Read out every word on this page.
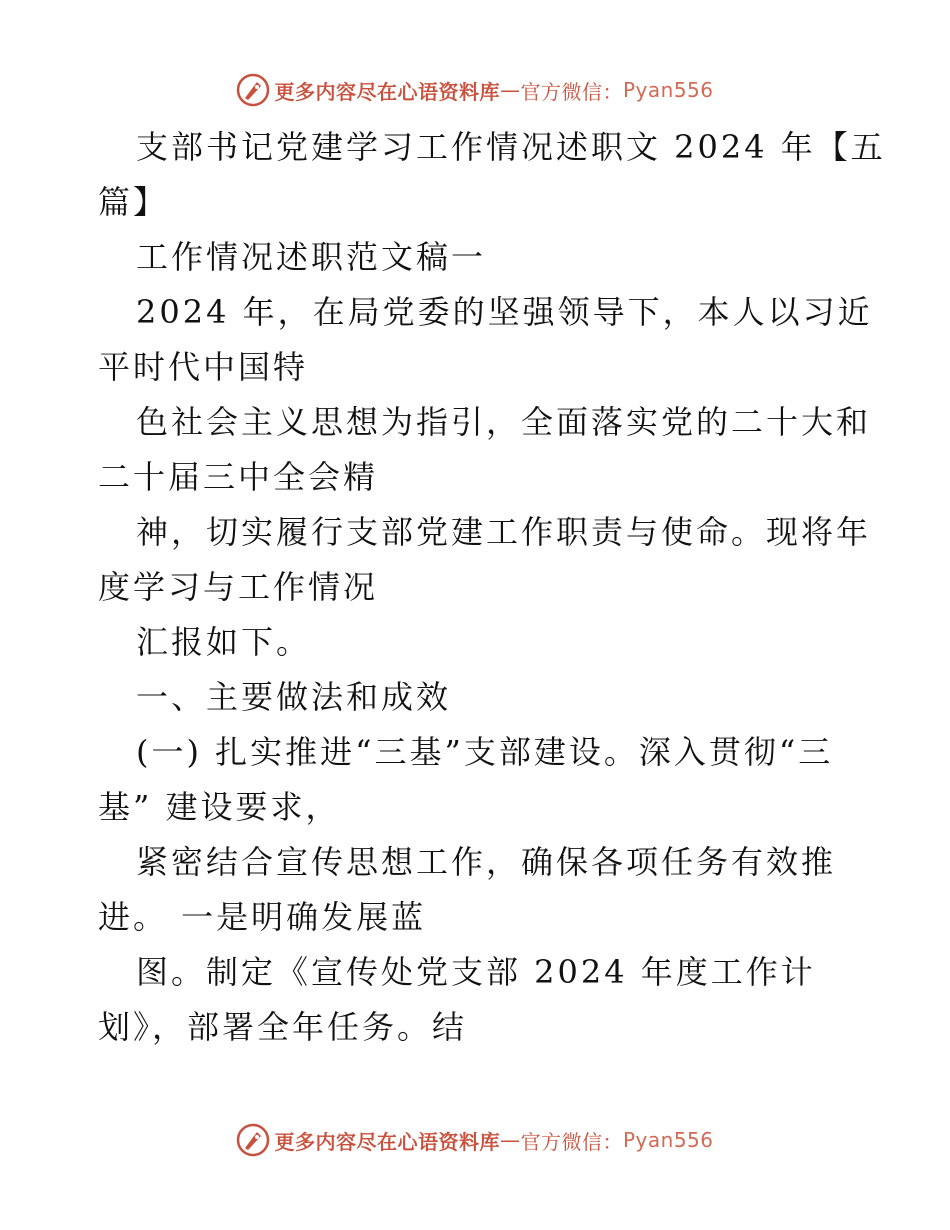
更多内容尽在心语资料库 — 官方微信： Pyan556
支部书记党建学习工作情况述职文 2024 年【五
篇】
工作情况述职范文稿一
2024 年，在局党委的坚强领导下，本人以习近
平时代中国特
色社会主义思想为指引，全面落实党的二十大和
二十届三中全会精
神，切实履行支部党建工作职责与使命。现将年
度学习与工作情况
汇报如下。
一、主要做法和成效
(一) 扎实推进“三基”支部建设。深入贯彻“三
基” 建设要求，
紧密结合宣传思想工作，确保各项任务有效推
进。 一是明确发展蓝
图。制定《宣传处党支部 2024 年度工作计
划》，部署全年任务。结
更多内容尽在心语资料库 — 官方微信： Pyan556
